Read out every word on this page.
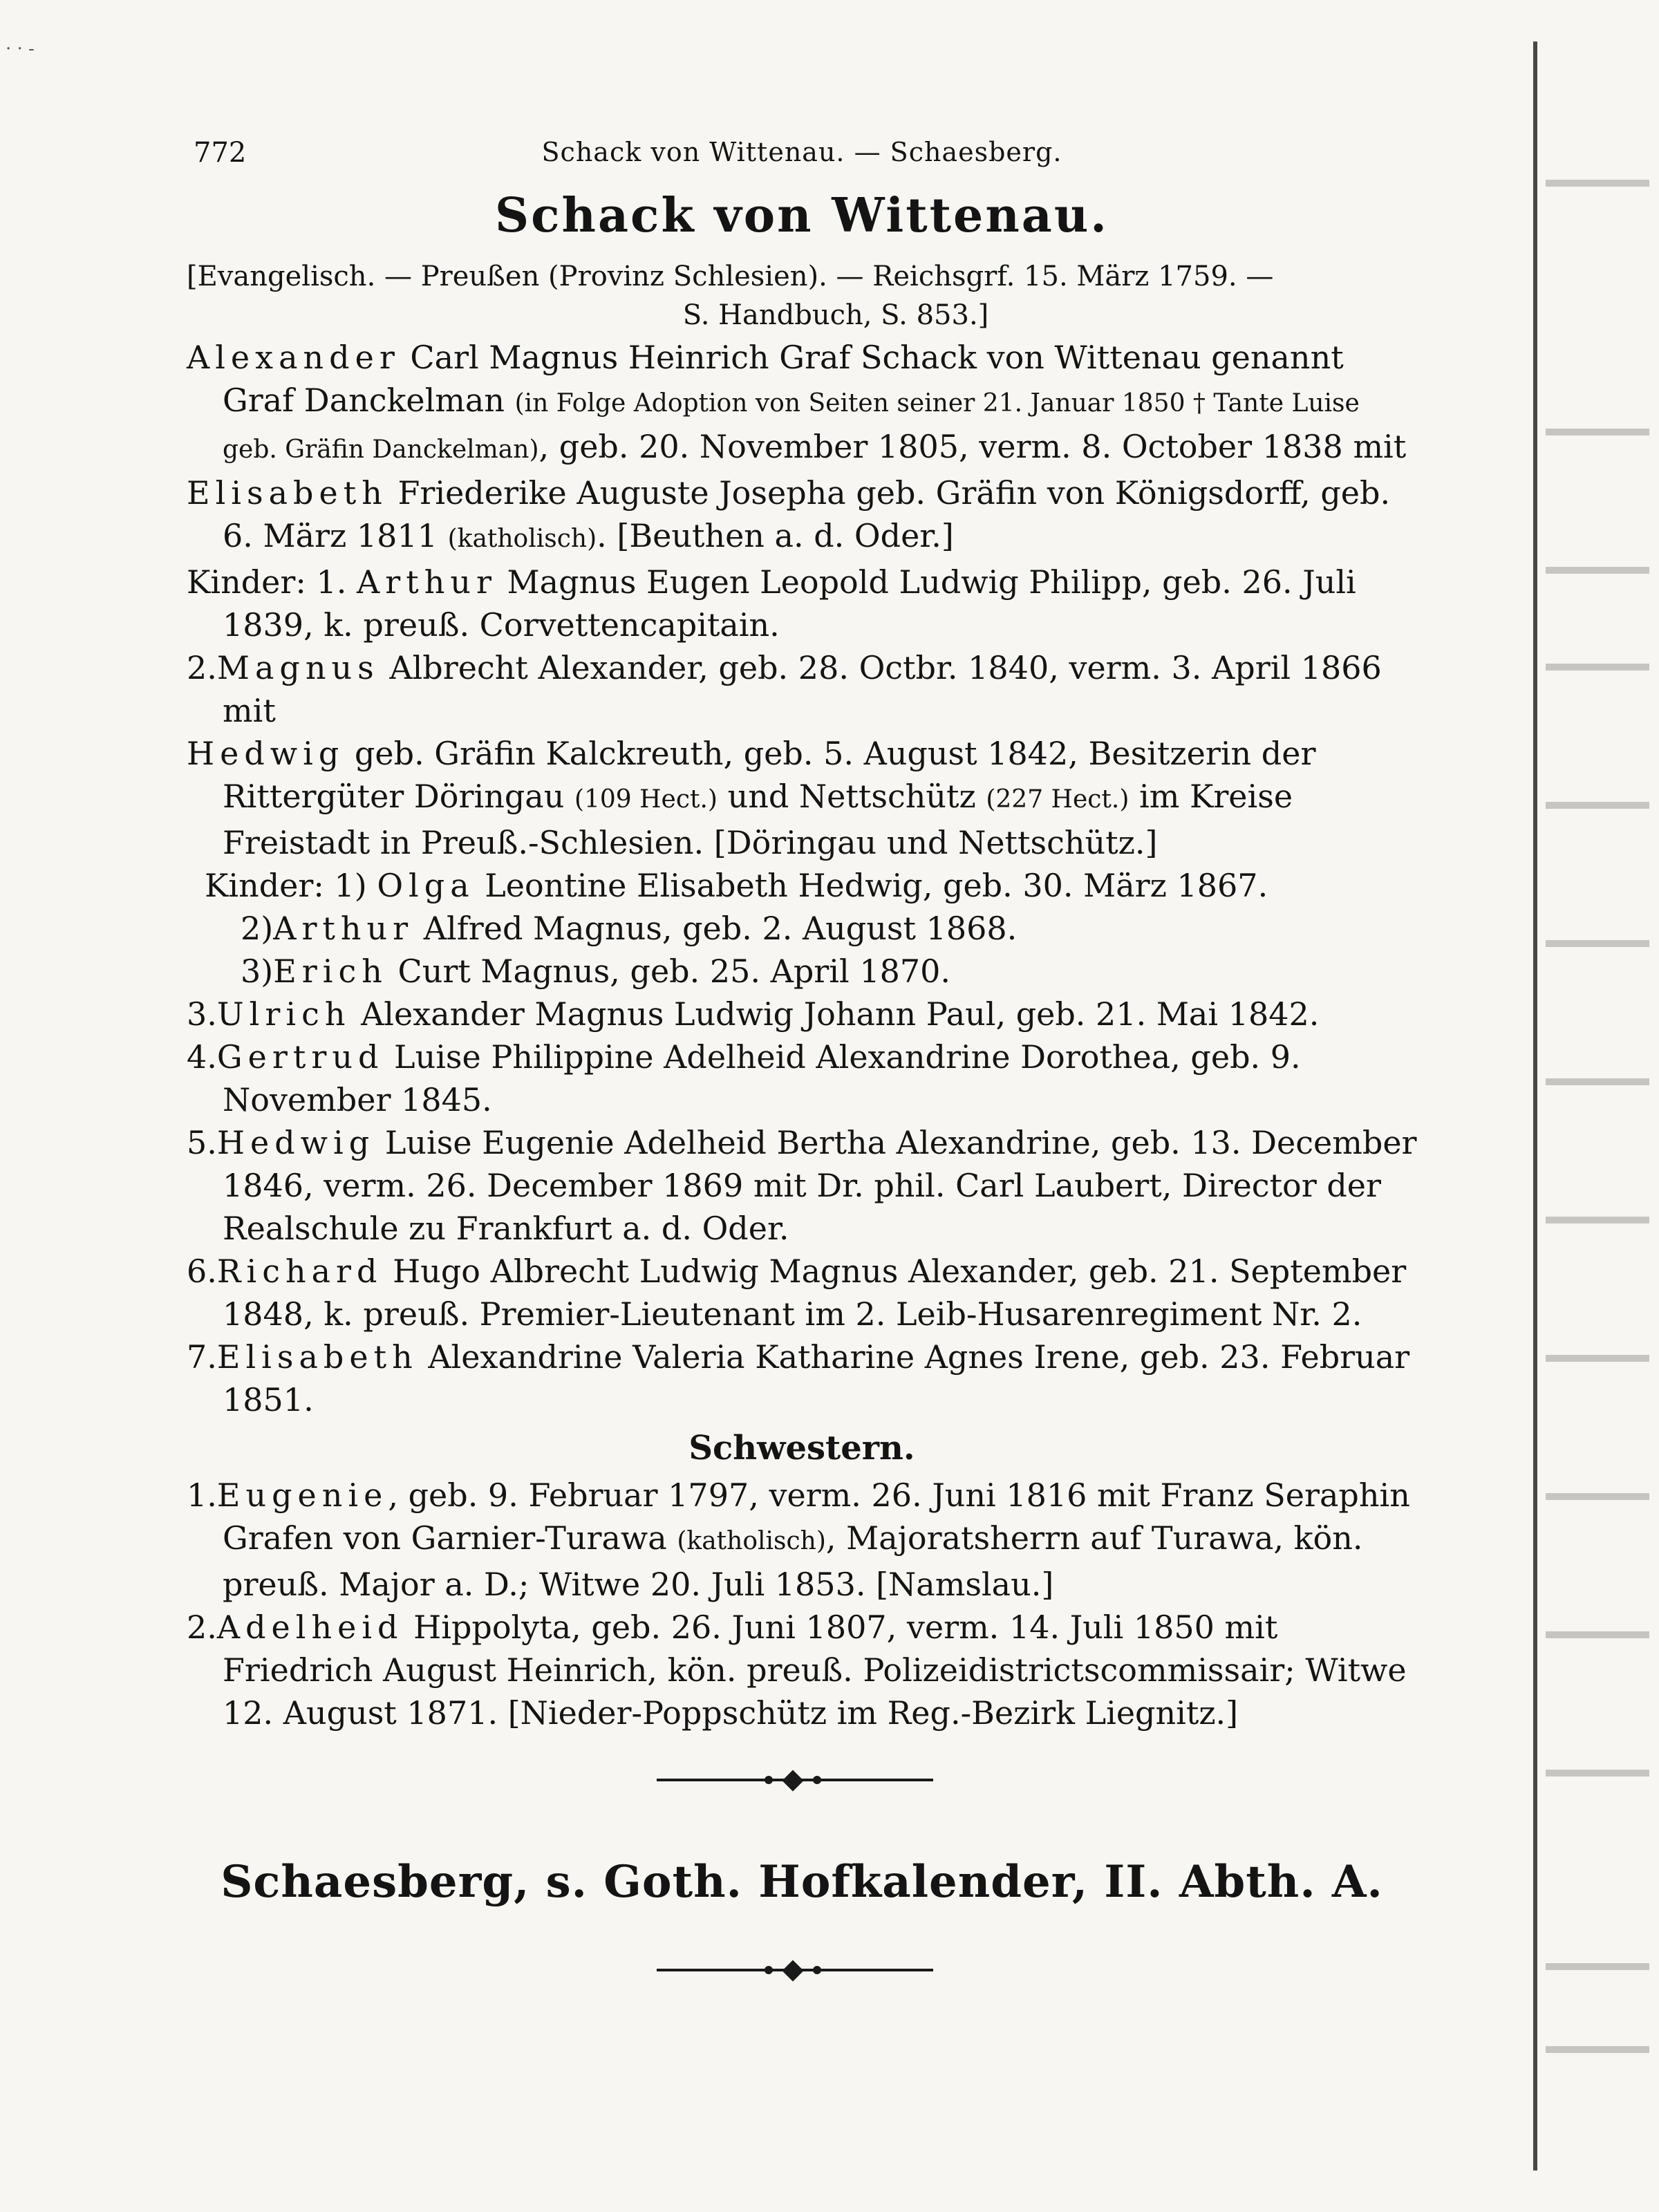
· · ‑
772	Schack von Wittenau. — Schaesberg.
Schack von Wittenau.
[Evangelisch. — Preußen (Provinz Schlesien). — Reichsgrf. 15. März 1759. —
S. Handbuch, S. 853.]
Alexander Carl Magnus Heinrich Graf Schack von Wittenau genannt Graf Danckelman (in Folge Adoption von Seiten seiner 21. Januar 1850 † Tante Luise geb. Gräfin Danckelman), geb. 20. November 1805, verm. 8. October 1838 mit
Elisabeth Friederike Auguste Josepha geb. Gräfin von Königsdorff, geb. 6. März 1811 (katholisch). [Beuthen a. d. Oder.]
Kinder: 1. Arthur Magnus Eugen Leopold Ludwig Philipp, geb. 26. Juli 1839, k. preuß. Corvettencapitain.
2.Magnus Albrecht Alexander, geb. 28. Octbr. 1840, verm. 3. April 1866 mit
Hedwig geb. Gräfin Kalckreuth, geb. 5. August 1842, Besitzerin der Rittergüter Döringau (109 Hect.) und Nettschütz (227 Hect.) im Kreise Freistadt in Preuß.-Schlesien. [Döringau und Nettschütz.]
Kinder: 1) Olga Leontine Elisabeth Hedwig, geb. 30. März 1867.
2)Arthur Alfred Magnus, geb. 2. August 1868.
3)Erich Curt Magnus, geb. 25. April 1870.
3.Ulrich Alexander Magnus Ludwig Johann Paul, geb. 21. Mai 1842.
4.Gertrud Luise Philippine Adelheid Alexandrine Dorothea, geb. 9. November 1845.
5.Hedwig Luise Eugenie Adelheid Bertha Alexandrine, geb. 13. December 1846, verm. 26. December 1869 mit Dr. phil. Carl Laubert, Director der Realschule zu Frankfurt a. d. Oder.
6.Richard Hugo Albrecht Ludwig Magnus Alexander, geb. 21. September 1848, k. preuß. Premier-Lieutenant im 2. Leib-Husarenregiment Nr. 2.
7.Elisabeth Alexandrine Valeria Katharine Agnes Irene, geb. 23. Februar 1851.
Schwestern.
1.Eugenie, geb. 9. Februar 1797, verm. 26. Juni 1816 mit Franz Seraphin Grafen von Garnier-Turawa (katholisch), Majoratsherrn auf Turawa, kön. preuß. Major a. D.; Witwe 20. Juli 1853. [Namslau.]
2.Adelheid Hippolyta, geb. 26. Juni 1807, verm. 14. Juli 1850 mit Friedrich August Heinrich, kön. preuß. Polizeidistrictscommissair; Witwe 12. August 1871. [Nieder-Poppschütz im Reg.-Bezirk Liegnitz.]
Schaesberg, s. Goth. Hofkalender, II. Abth. A.
